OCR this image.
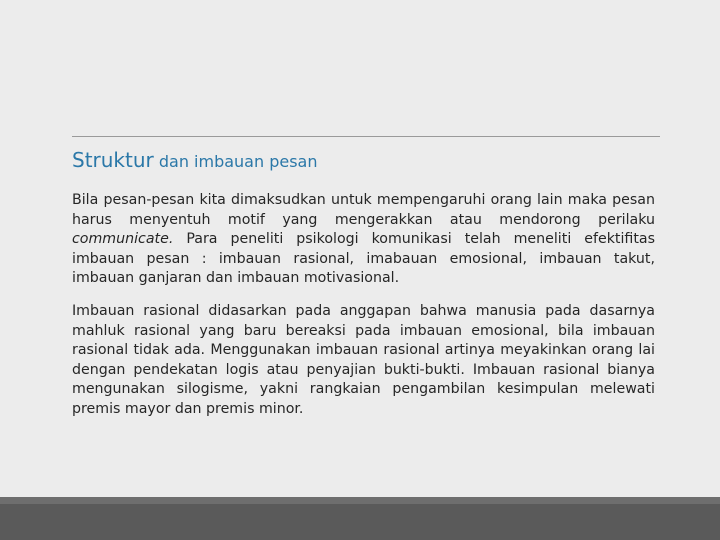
Struktur dan imbauan pesan

Bila pesan-pesan kita dimaksudkan untuk mempengaruhi orang lain maka pesan harus menyentuh motif yang mengerakkan atau mendorong perilaku communicate. Para peneliti psikologi komunikasi telah meneliti efektifitas imbauan pesan : imbauan rasional, imabauan emosional, imbauan takut, imbauan ganjaran dan imbauan motivasional.

Imbauan rasional didasarkan pada anggapan bahwa manusia pada dasarnya mahluk rasional yang baru bereaksi pada imbauan emosional, bila imbauan rasional tidak ada. Menggunakan imbauan rasional artinya meyakinkan orang lai dengan pendekatan logis atau penyajian bukti-bukti. Imbauan rasional bianya mengunakan silogisme, yakni rangkaian pengambilan kesimpulan melewati premis mayor dan premis minor.
